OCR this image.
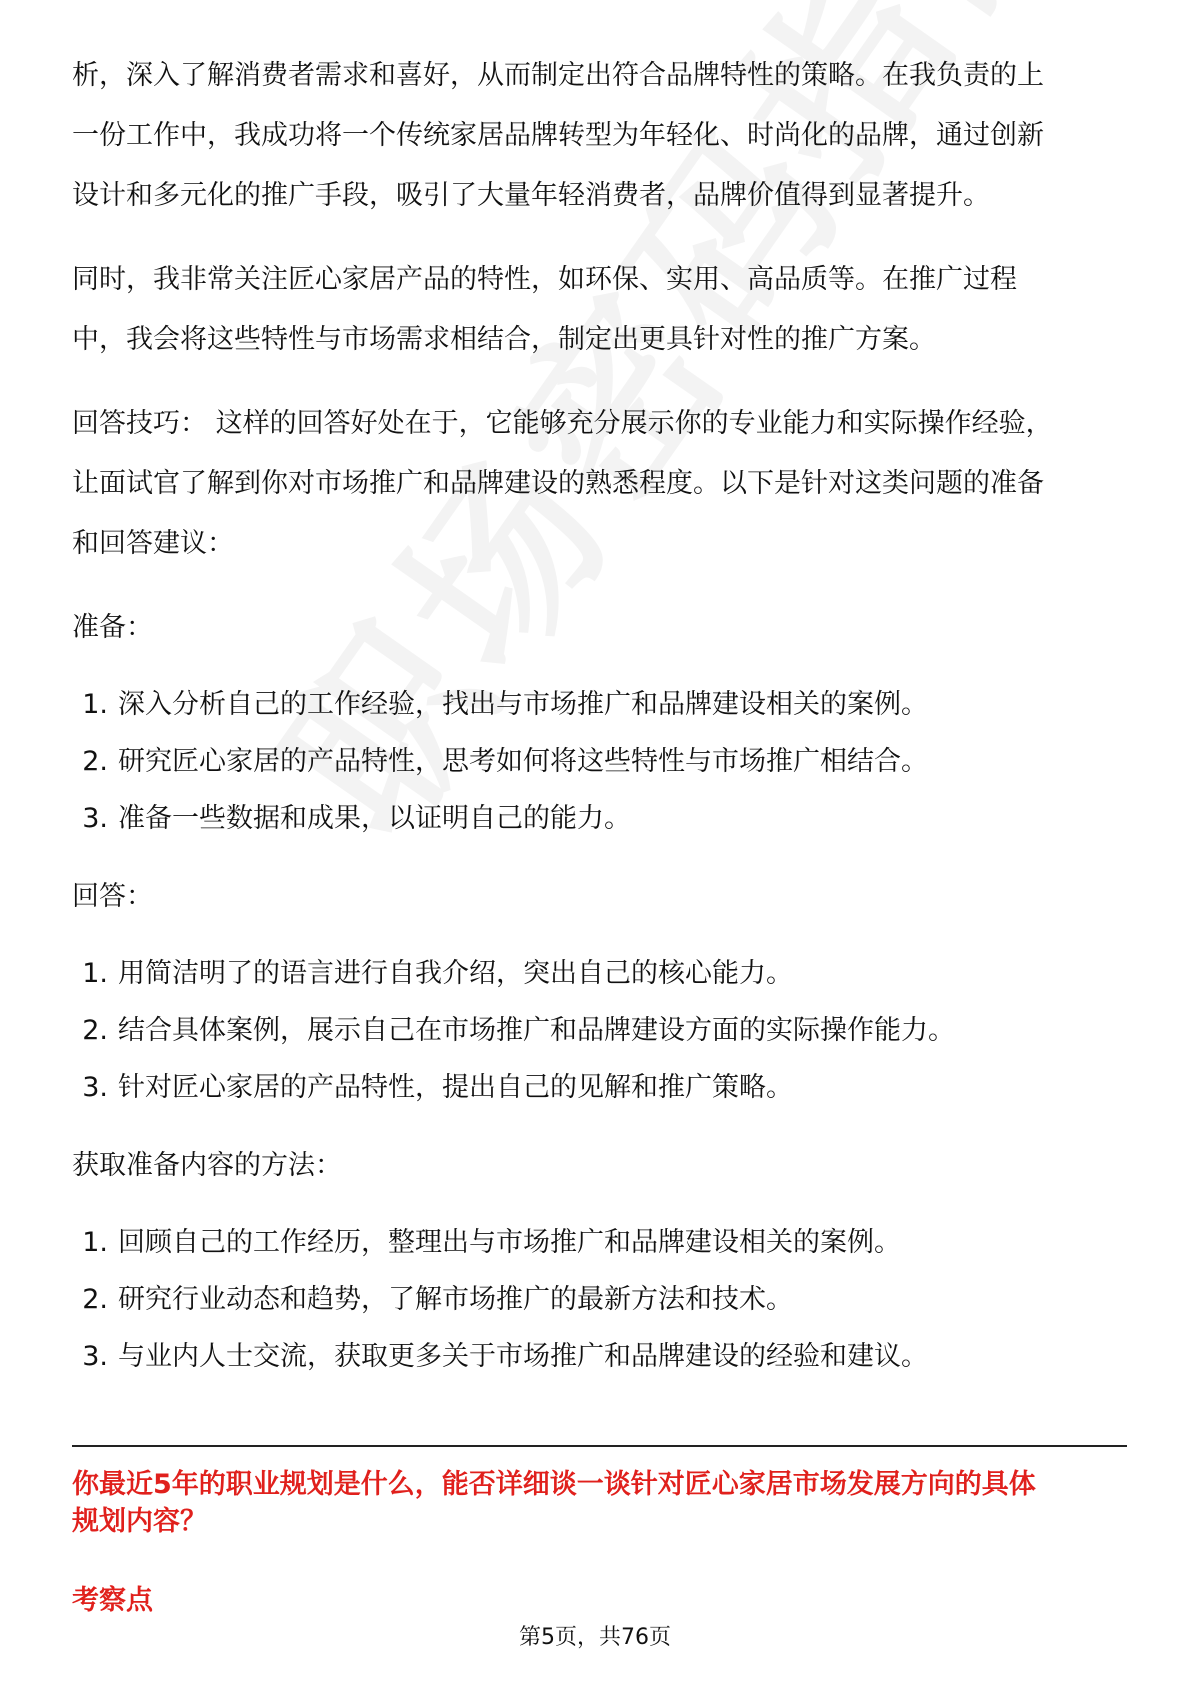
析，深入了解消费者需求和喜好，从而制定出符合品牌特性的策略。在我负责的上

一份工作中，我成功将一个传统家居品牌转型为年轻化、时尚化的品牌，通过创新

设计和多元化的推广手段，吸引了大量年轻消费者，品牌价值得到显著提升。

同时，我非常关注匠心家居产品的特性，如环保、实用、高品质等。在推广过程

中，我会将这些特性与市场需求相结合，制定出更具针对性的推广方案。

回答技巧： 这样的回答好处在于，它能够充分展示你的专业能力和实际操作经验，

让面试官了解到你对市场推广和品牌建设的熟悉程度。以下是针对这类问题的准备

和回答建议：

准备：

1. 深入分析自己的工作经验，找出与市场推广和品牌建设相关的案例。
2. 研究匠心家居的产品特性，思考如何将这些特性与市场推广相结合。
3. 准备一些数据和成果，以证明自己的能力。

回答：

1. 用简洁明了的语言进行自我介绍，突出自己的核心能力。
2. 结合具体案例，展示自己在市场推广和品牌建设方面的实际操作能力。
3. 针对匠心家居的产品特性，提出自己的见解和推广策略。

获取准备内容的方法：

1. 回顾自己的工作经历，整理出与市场推广和品牌建设相关的案例。
2. 研究行业动态和趋势，了解市场推广的最新方法和技术。
3. 与业内人士交流，获取更多关于市场推广和品牌建设的经验和建议。
你最近5年的职业规划是什么，能否详细谈一谈针对匠心家居市场发展方向的具体
规划内容？
考察点
第5页，共76页
